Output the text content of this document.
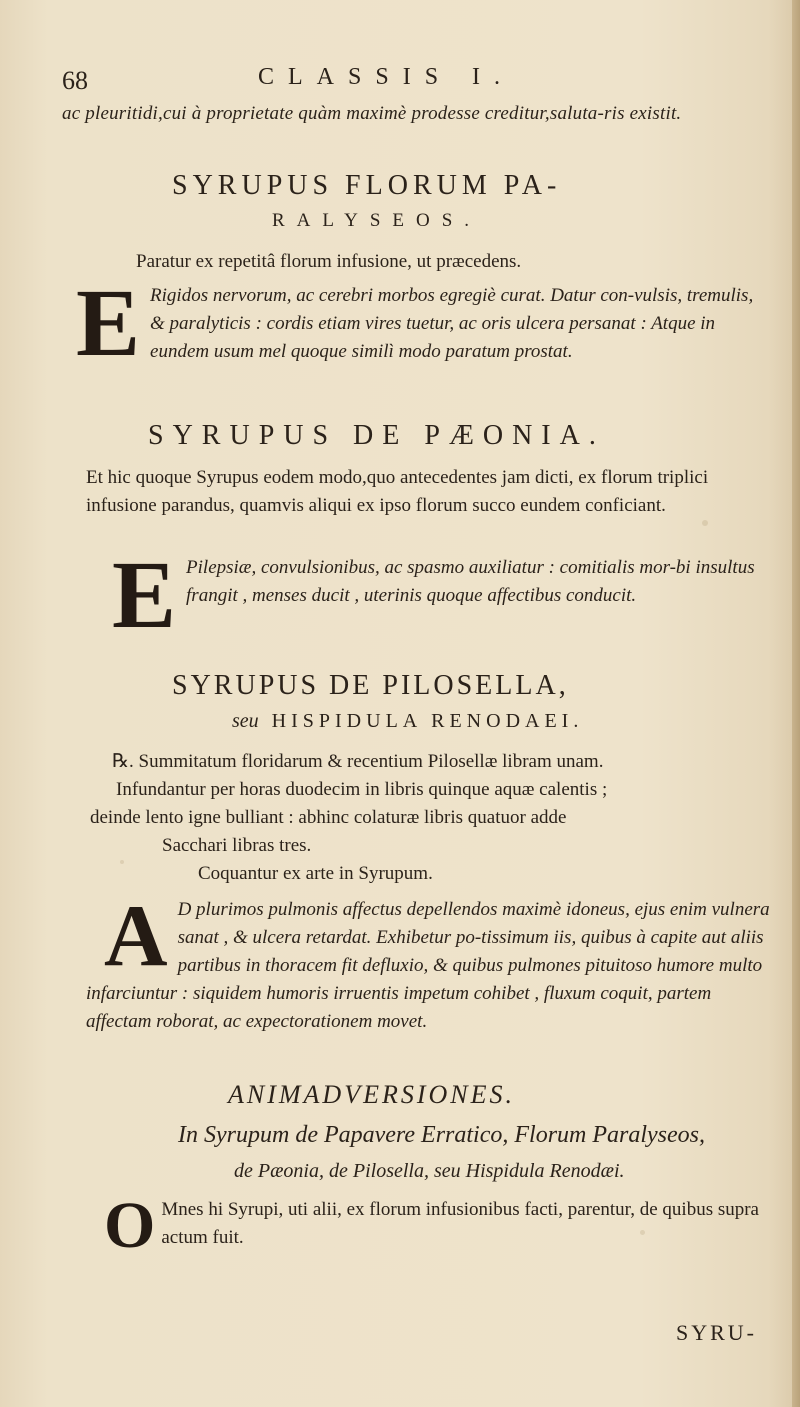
68	CLASSIS I.
ac pleuritidi,cui à proprietate quàm maximè prodesse creditur,saluta-ris existit.
SYRUPUS FLORUM PA-
RALYSEOS.
Paratur ex repetitâ florum infusione, ut præcedens.
E Rigidos nervorum, ac cerebri morbos egregiè curat. Datur con-vulsis, tremulis, & paralyticis : cordis etiam vires tuetur, ac oris ulcera persanat : Atque in eundem usum mel quoque similì modo paratum prostat.
SYRUPUS DE PÆONIA.
Et hic quoque Syrupus eodem modo,quo antecedentes jam dicti, ex florum triplici infusione parandus, quamvis aliqui ex ipso florum succo eundem conficiant.
E Pilepsiæ, convulsionibus, ac spasmo auxiliatur : comitialis mor-bi insultus frangit , menses ducit , uterinis quoque affectibus conducit.
SYRUPUS DE PILOSELLA,
seu HISPIDULA RENODAEI.
℞. Summitatum floridarum & recentium Pilosellæ libram unam.
Infundantur per horas duodecim in libris quinque aquæ calentis ;
deinde lento igne bulliant : abhinc colaturæ libris quatuor adde
Sacchari libras tres.
Coquantur ex arte in Syrupum.
A D plurimos pulmonis affectus depellendos maximè idoneus, ejus enim vulnera sanat , & ulcera retardat. Exhibetur po-tissimum iis, quibus à capite aut aliis partibus in thoracem fit defluxio, & quibus pulmones pituitoso humore multo infarciuntur : siquidem humoris irruentis impetum cohibet , fluxum coquit, partem affectam roborat, ac expectorationem movet.
ANIMADVERSIONES.
In Syrupum de Papavere Erratico, Florum Paralyseos,
de Pæonia, de Pilosella, seu Hispidula Renodæi.
O Mnes hi Syrupi, uti alii, ex florum infusionibus facti, parentur, de quibus supra actum fuit.
SYRU-
